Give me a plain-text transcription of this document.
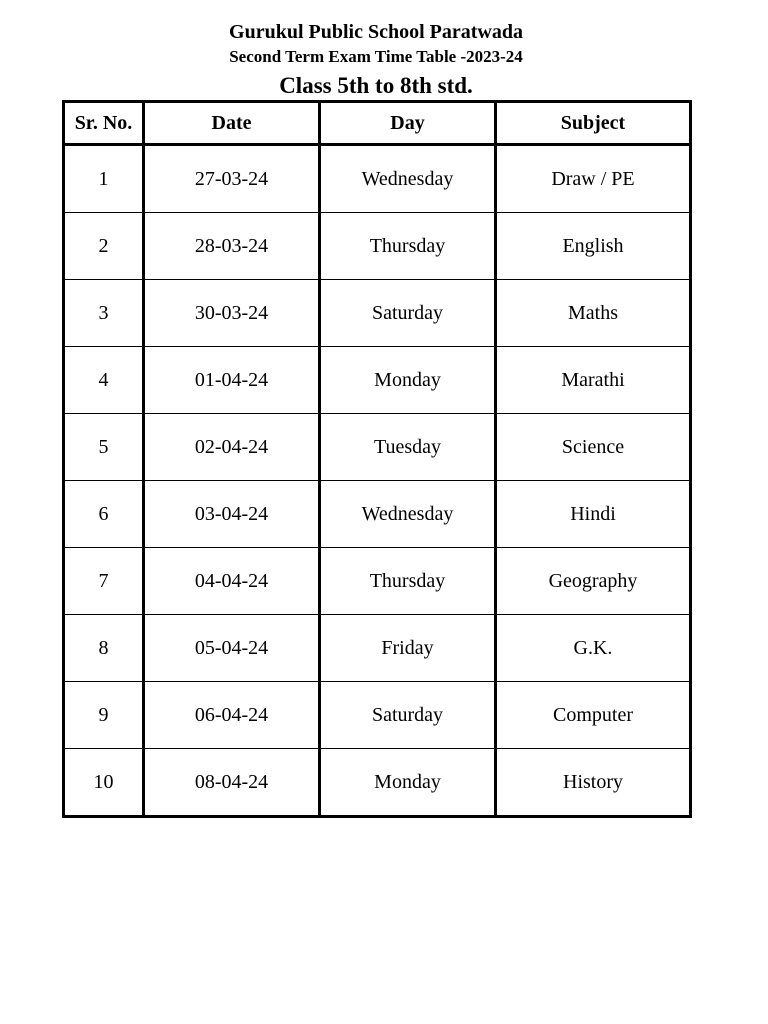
Gurukul Public School Paratwada
Second Term Exam Time Table -2023-24
Class 5th to 8th std.
Sr. No.	Date	Day	Subject
1	27-03-24	Wednesday	Draw / PE
2	28-03-24	Thursday	English
3	30-03-24	Saturday	Maths
4	01-04-24	Monday	Marathi
5	02-04-24	Tuesday	Science
6	03-04-24	Wednesday	Hindi
7	04-04-24	Thursday	Geography
8	05-04-24	Friday	G.K.
9	06-04-24	Saturday	Computer
10	08-04-24	Monday	History
